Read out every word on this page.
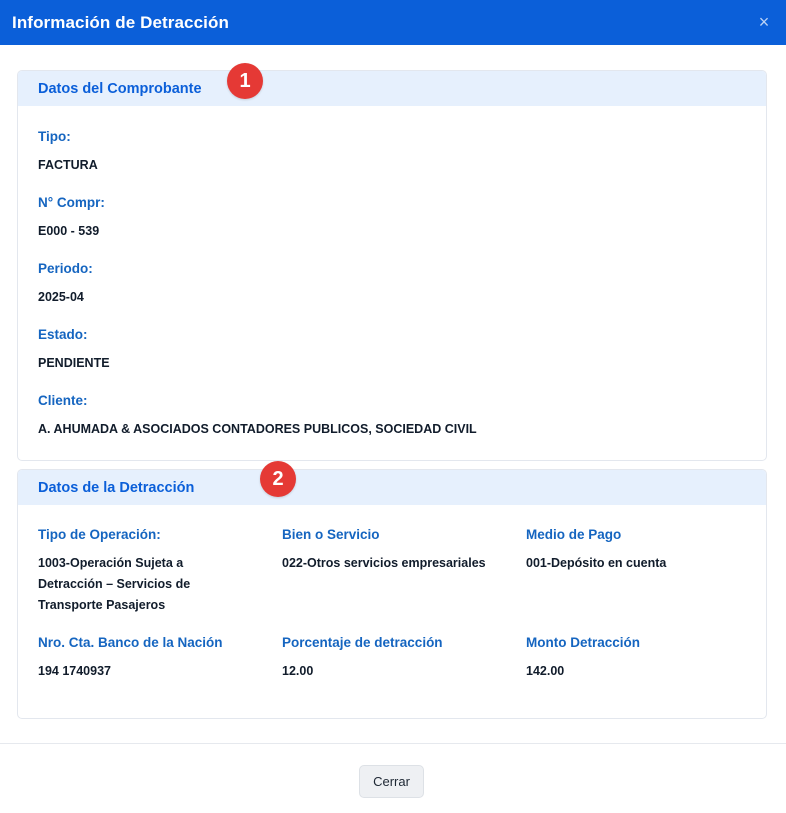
Información de Detracción	×
Datos del Comprobante	1
Tipo:
FACTURA
N° Compr:
E000 - 539
Periodo:
2025-04
Estado:
PENDIENTE
Cliente:
A. AHUMADA & ASOCIADOS CONTADORES PUBLICOS, SOCIEDAD CIVIL
Datos de la Detracción	2
Tipo de Operación:
1003-Operación Sujeta a Detracción – Servicios de Transporte Pasajeros
Bien o Servicio
022-Otros servicios empresariales
Medio de Pago
001-Depósito en cuenta
Nro. Cta. Banco de la Nación
194 1740937
Porcentaje de detracción
12.00
Monto Detracción
142.00
Cerrar
